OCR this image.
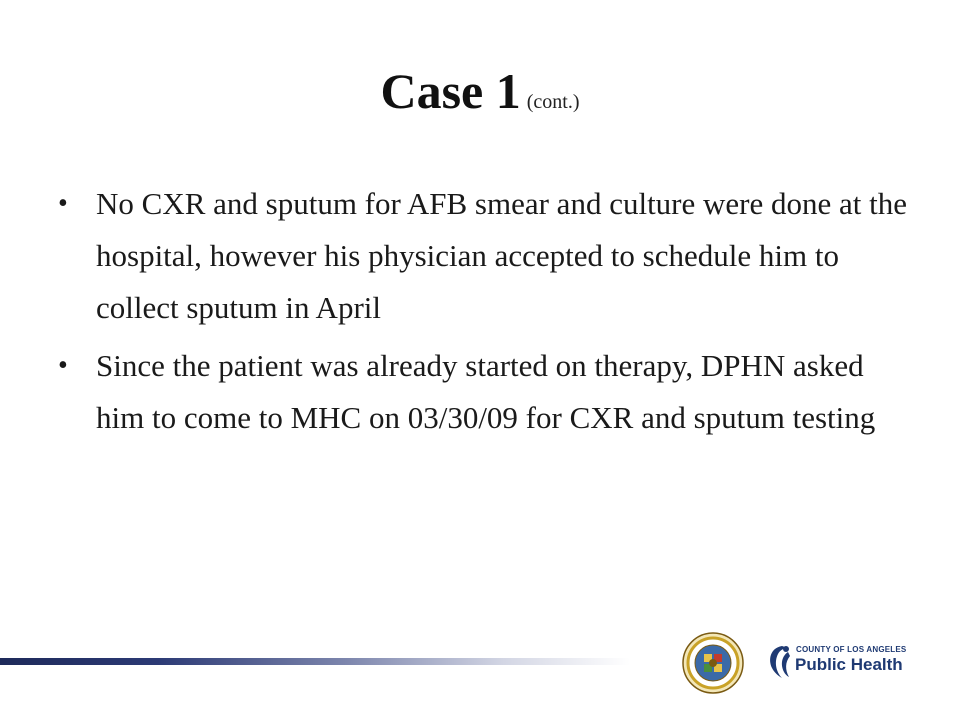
Case 1 (cont.)
• No CXR and sputum for AFB smear and culture were done at the hospital, however his physician accepted to schedule him to collect sputum in April
• Since the patient was already started on therapy, DPHN asked him to come to MHC on 03/30/09 for CXR and sputum testing
COUNTY OF LOS ANGELES
Public Health
